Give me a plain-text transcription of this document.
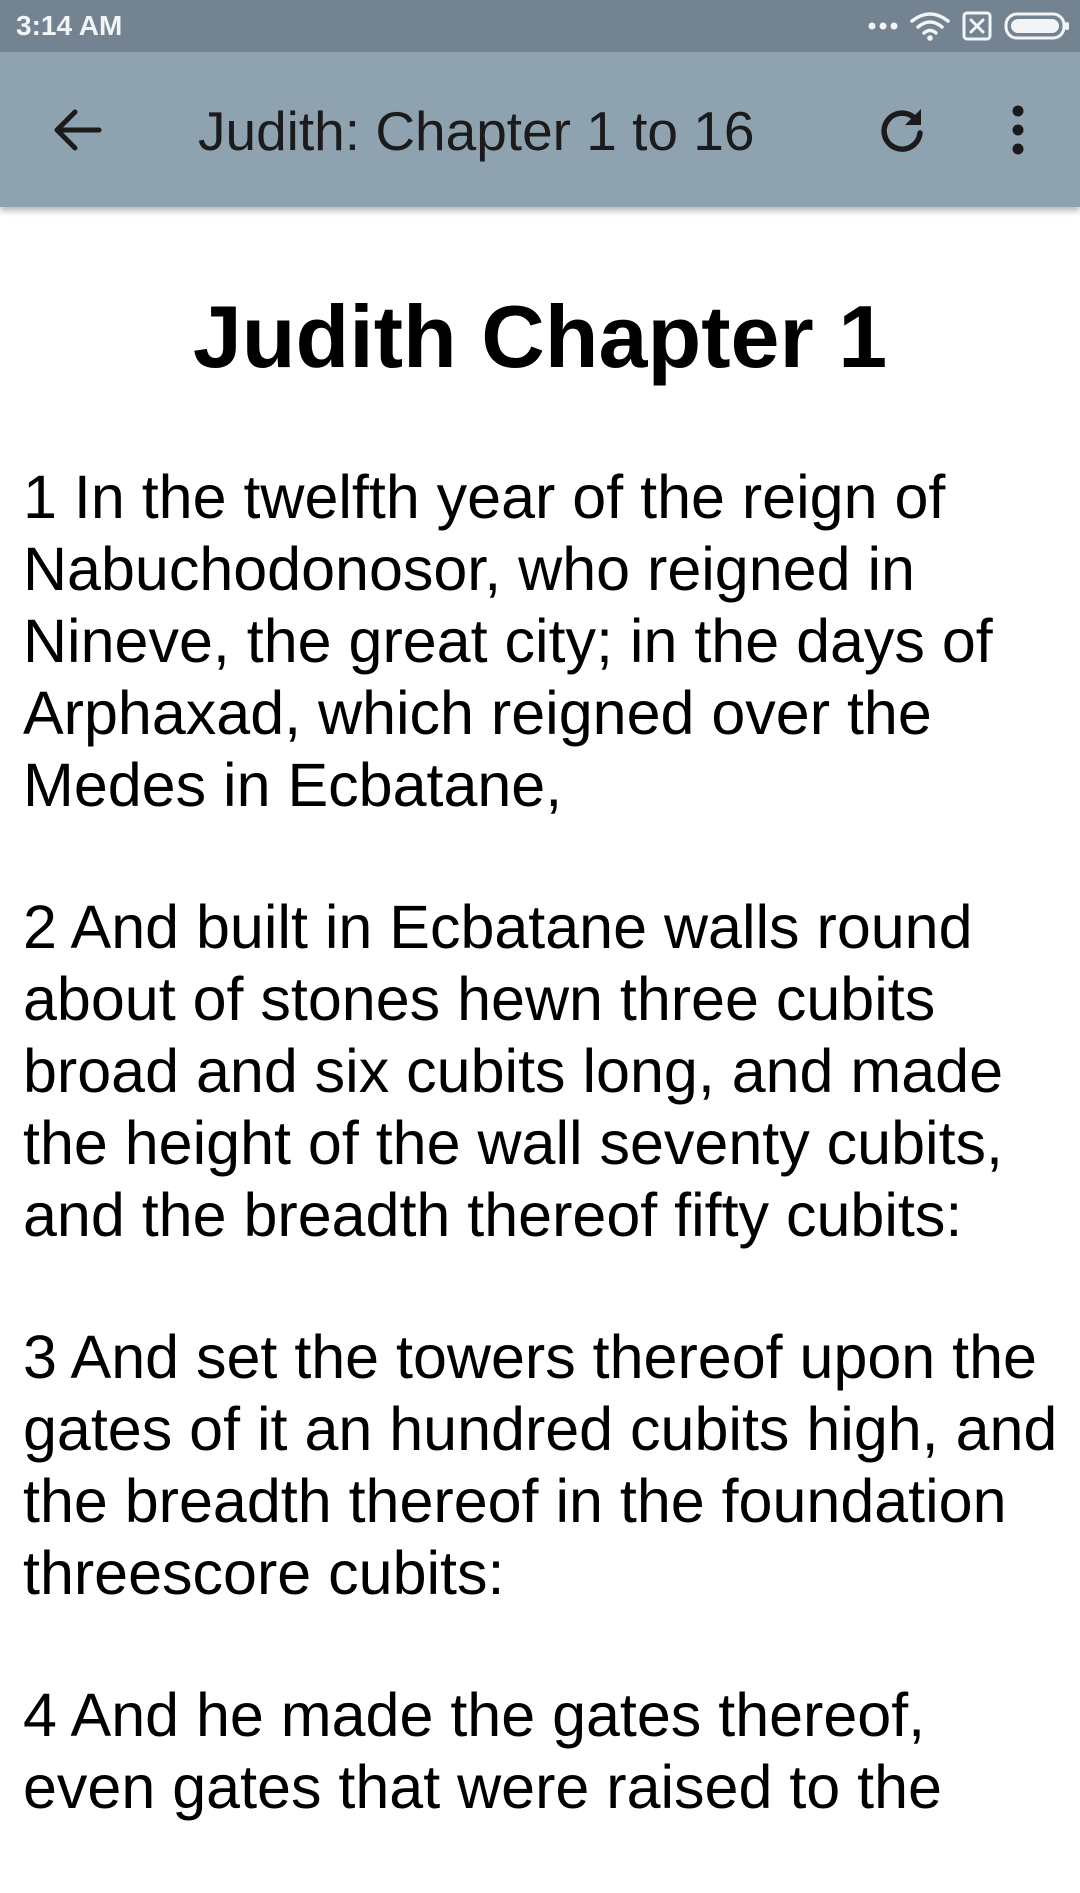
3:14 AM
Judith: Chapter 1 to 16
Judith Chapter 1

1 In the twelfth year of the reign of Nabuchodonosor, who reigned in Nineve, the great city; in the days of Arphaxad, which reigned over the Medes in Ecbatane,

2 And built in Ecbatane walls round about of stones hewn three cubits broad and six cubits long, and made the height of the wall seventy cubits, and the breadth thereof fifty cubits:

3 And set the towers thereof upon the gates of it an hundred cubits high, and the breadth thereof in the foundation threescore cubits:

4 And he made the gates thereof, even gates that were raised to the
